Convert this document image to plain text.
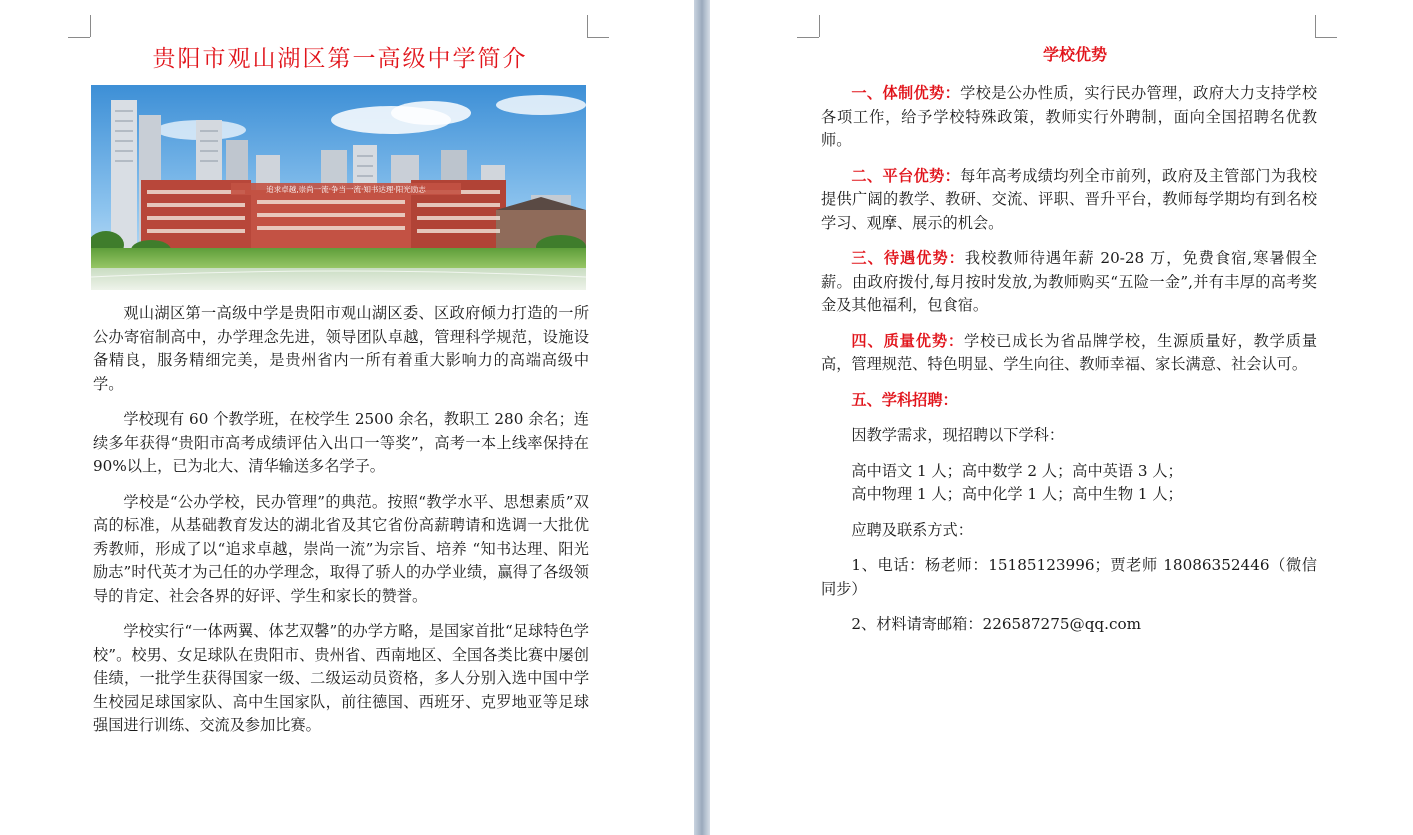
贵阳市观山湖区第一高级中学简介
追求卓越,崇尚一流·争当一流·知书达理·阳光励志

观山湖区第一高级中学是贵阳市观山湖区委、区政府倾力打造的一所公办寄宿制高中，办学理念先进，领导团队卓越，管理科学规范，设施设备精良，服务精细完美，是贵州省内一所有着重大影响力的高端高级中学。

学校现有 60 个教学班，在校学生 2500 余名，教职工 280 余名；连续多年获得“贵阳市高考成绩评估入出口一等奖”，高考一本上线率保持在 90%以上，已为北大、清华输送多名学子。

学校是“公办学校，民办管理”的典范。按照“教学水平、思想素质”双高的标准，从基础教育发达的湖北省及其它省份高薪聘请和选调一大批优秀教师，形成了以“追求卓越，崇尚一流”为宗旨、培养 “知书达理、阳光励志”时代英才为己任的办学理念，取得了骄人的办学业绩，赢得了各级领导的肯定、社会各界的好评、学生和家长的赞誉。

学校实行“一体两翼、体艺双馨”的办学方略，是国家首批“足球特色学校”。校男、女足球队在贵阳市、贵州省、西南地区、全国各类比赛中屡创佳绩，一批学生获得国家一级、二级运动员资格，多人分别入选中国中学生校园足球国家队、高中生国家队，前往德国、西班牙、克罗地亚等足球强国进行训练、交流及参加比赛。

学校优势

一、体制优势：学校是公办性质，实行民办管理，政府大力支持学校各项工作，给予学校特殊政策，教师实行外聘制，面向全国招聘名优教师。

二、平台优势：每年高考成绩均列全市前列，政府及主管部门为我校提供广阔的教学、教研、交流、评职、晋升平台，教师每学期均有到名校学习、观摩、展示的机会。

三、待遇优势：我校教师待遇年薪 20-28 万，免费食宿,寒暑假全薪。由政府拨付,每月按时发放,为教师购买“五险一金”,并有丰厚的高考奖金及其他福利，包食宿。

四、质量优势：学校已成长为省品牌学校，生源质量好，教学质量高，管理规范、特色明显、学生向往、教师幸福、家长满意、社会认可。

五、学科招聘：

因教学需求，现招聘以下学科：

高中语文 1 人；高中数学 2 人；高中英语 3 人；

高中物理 1 人；高中化学 1 人；高中生物 1 人；

应聘及联系方式：

1、电话：杨老师：15185123996；贾老师 18086352446（微信同步）

2、材料请寄邮箱：226587275@qq.com
